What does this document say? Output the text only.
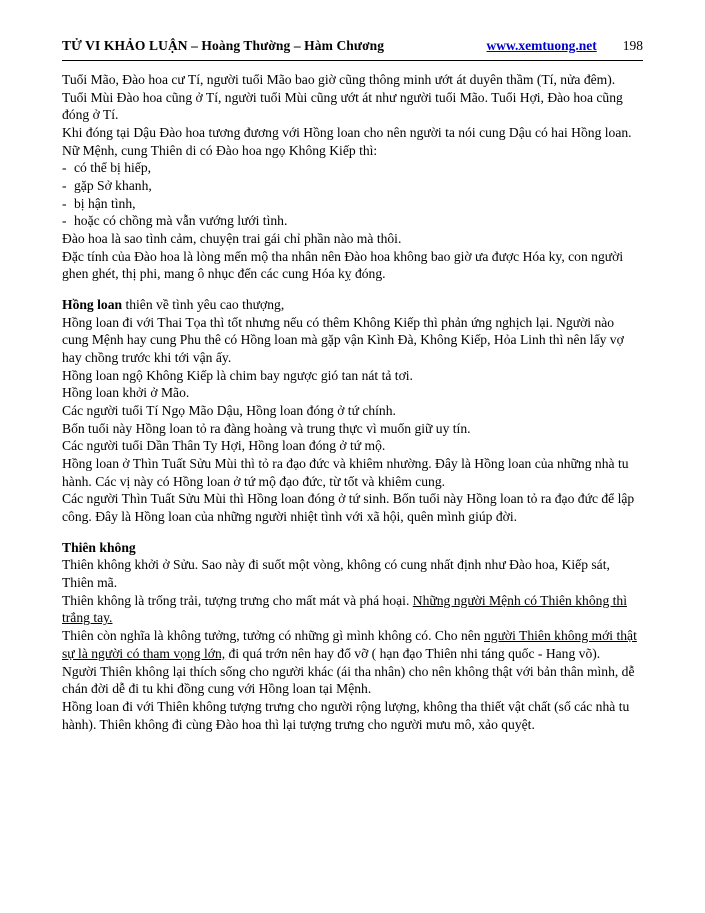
TỬ VI KHẢO LUẬN – Hoàng Thường – Hàm Chương	www.xemtuong.net 198

Tuổi Mão, Đào hoa cư Tí, người tuổi Mão bao giờ cũng thông minh ướt át duyên thầm (Tí, nửa đêm).

Tuổi Mùi Đào hoa cũng ở Tí, người tuổi Mùi cũng ướt át như người tuổi Mão. Tuổi Hợi, Đào hoa cũng đóng ở Tí.

Khi đóng tại Dậu Đào hoa tương đương với Hồng loan cho nên người ta nói cung Dậu có hai Hồng loan.

Nữ Mệnh, cung Thiên di có Đào hoa ngọ Không Kiếp thì:

- có thể bị hiếp,

- gặp Sở khanh,

- bị hận tình,

- hoặc có chồng mà vẫn vướng lưới tình.

Đào hoa là sao tình cảm, chuyện trai gái chỉ phần nào mà thôi.

Đặc tính của Đào hoa là lòng mến mộ tha nhân nên Đào hoa không bao giờ ưa được Hóa ky, con người ghen ghét, thị phi, mang ô nhục đến các cung Hóa kỵ đóng.

Hồng loan thiên về tình yêu cao thượng,

Hồng loan đi với Thai Tọa thì tốt nhưng nếu có thêm Không Kiếp thì phản ứng nghịch lại. Người nào cung Mệnh hay cung Phu thê có Hồng loan mà gặp vận Kình Đà, Không Kiếp, Hỏa Linh thì nên lấy vợ hay chồng trước khi tới vận ấy.

Hồng loan ngộ Không Kiếp là chim bay ngược gió tan nát tả tơi.

Hồng loan khởi ở Mão.

Các người tuổi Tí Ngọ Mão Dậu, Hồng loan đóng ở tứ chính.

Bốn tuổi này Hồng loan tỏ ra đàng hoàng và trung thực vì muốn giữ uy tín.

Các người tuổi Dần Thân Ty Hợi, Hồng loan đóng ở tứ mộ.

Hồng loan ở Thìn Tuất Sửu Mùi thì tỏ ra đạo đức và khiêm nhường. Đây là Hồng loan của những nhà tu hành. Các vị này có Hồng loan ở tứ mộ đạo đức, từ tốt và khiêm cung.

Các người Thìn Tuất Sửu Mùi thì Hồng loan đóng ở tứ sinh. Bốn tuổi này Hồng loan tỏ ra đạo đức để lập công. Đây là Hồng loan của những người nhiệt tình với xã hội, quên mình giúp đời.

Thiên không

Thiên không khởi ở Sửu. Sao này đi suốt một vòng, không có cung nhất định như Đào hoa, Kiếp sát, Thiên mã.

Thiên không là trống trải, tượng trưng cho mất mát và phá hoại. Những người Mệnh có Thiên không thì trắng tay.

Thiên còn nghĩa là không tưởng, tưởng có những gì mình không có. Cho nên người Thiên không mới thật sự là người có tham vọng lớn, đi quá trớn nên hay đổ vỡ ( hạn đạo Thiên nhi táng quốc - Hang võ).

Người Thiên không lại thích sống cho người khác (ái tha nhân) cho nên không thật với bản thân mình, dễ chán đời dễ đi tu khi đồng cung với Hồng loan tại Mệnh.

Hồng loan đi với Thiên không tượng trưng cho người rộng lượng, không tha thiết vật chất (số các nhà tu hành). Thiên không đi cùng Đào hoa thì lại tượng trưng cho người mưu mô, xảo quyệt.
